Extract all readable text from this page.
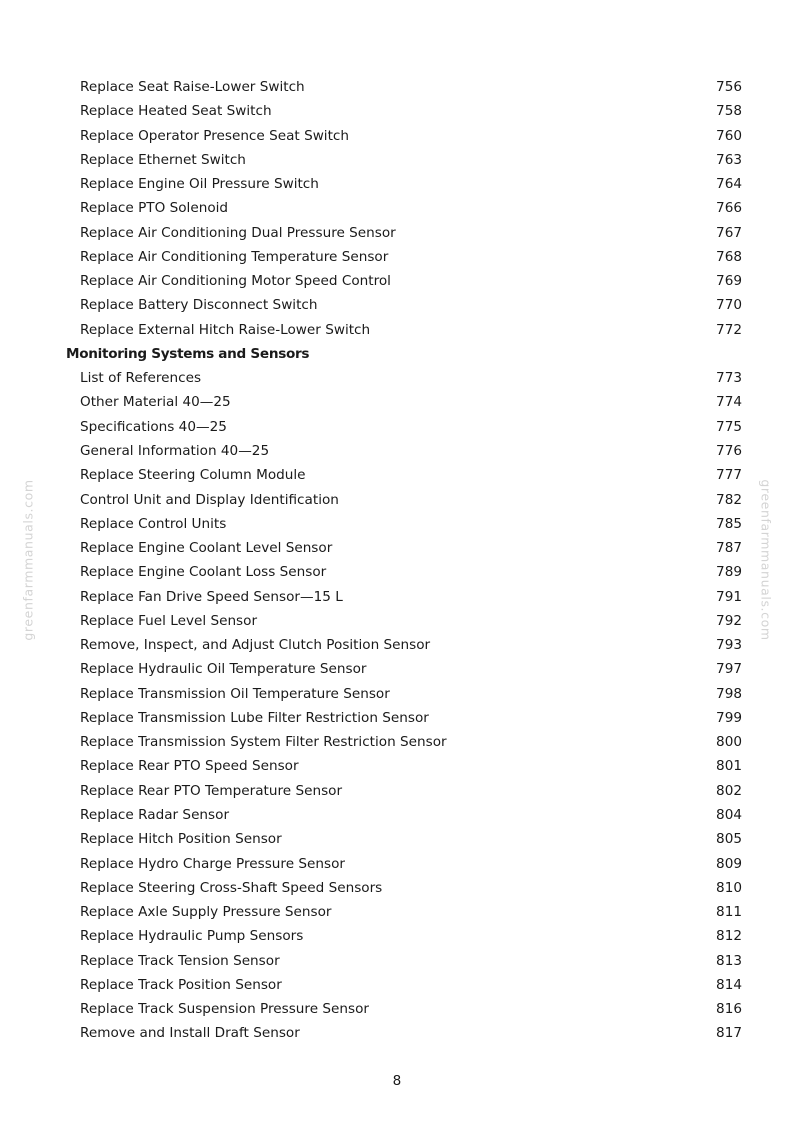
Replace Seat Raise-Lower Switch	756
Replace Heated Seat Switch	758
Replace Operator Presence Seat Switch	760
Replace Ethernet Switch	763
Replace Engine Oil Pressure Switch	764
Replace PTO Solenoid	766
Replace Air Conditioning Dual Pressure Sensor	767
Replace Air Conditioning Temperature Sensor	768
Replace Air Conditioning Motor Speed Control	769
Replace Battery Disconnect Switch	770
Replace External Hitch Raise-Lower Switch	772
Monitoring Systems and Sensors
List of References	773
Other Material 40—25	774
Specifications 40—25	775
General Information 40—25	776
Replace Steering Column Module	777
Control Unit and Display Identification	782
Replace Control Units	785
Replace Engine Coolant Level Sensor	787
Replace Engine Coolant Loss Sensor	789
Replace Fan Drive Speed Sensor—15 L	791
Replace Fuel Level Sensor	792
Remove, Inspect, and Adjust Clutch Position Sensor	793
Replace Hydraulic Oil Temperature Sensor	797
Replace Transmission Oil Temperature Sensor	798
Replace Transmission Lube Filter Restriction Sensor	799
Replace Transmission System Filter Restriction Sensor	800
Replace Rear PTO Speed Sensor	801
Replace Rear PTO Temperature Sensor	802
Replace Radar Sensor	804
Replace Hitch Position Sensor	805
Replace Hydro Charge Pressure Sensor	809
Replace Steering Cross-Shaft Speed Sensors	810
Replace Axle Supply Pressure Sensor	811
Replace Hydraulic Pump Sensors	812
Replace Track Tension Sensor	813
Replace Track Position Sensor	814
Replace Track Suspension Pressure Sensor	816
Remove and Install Draft Sensor	817
greenfarmmanuals.com	greenfarmmanuals.com
8
